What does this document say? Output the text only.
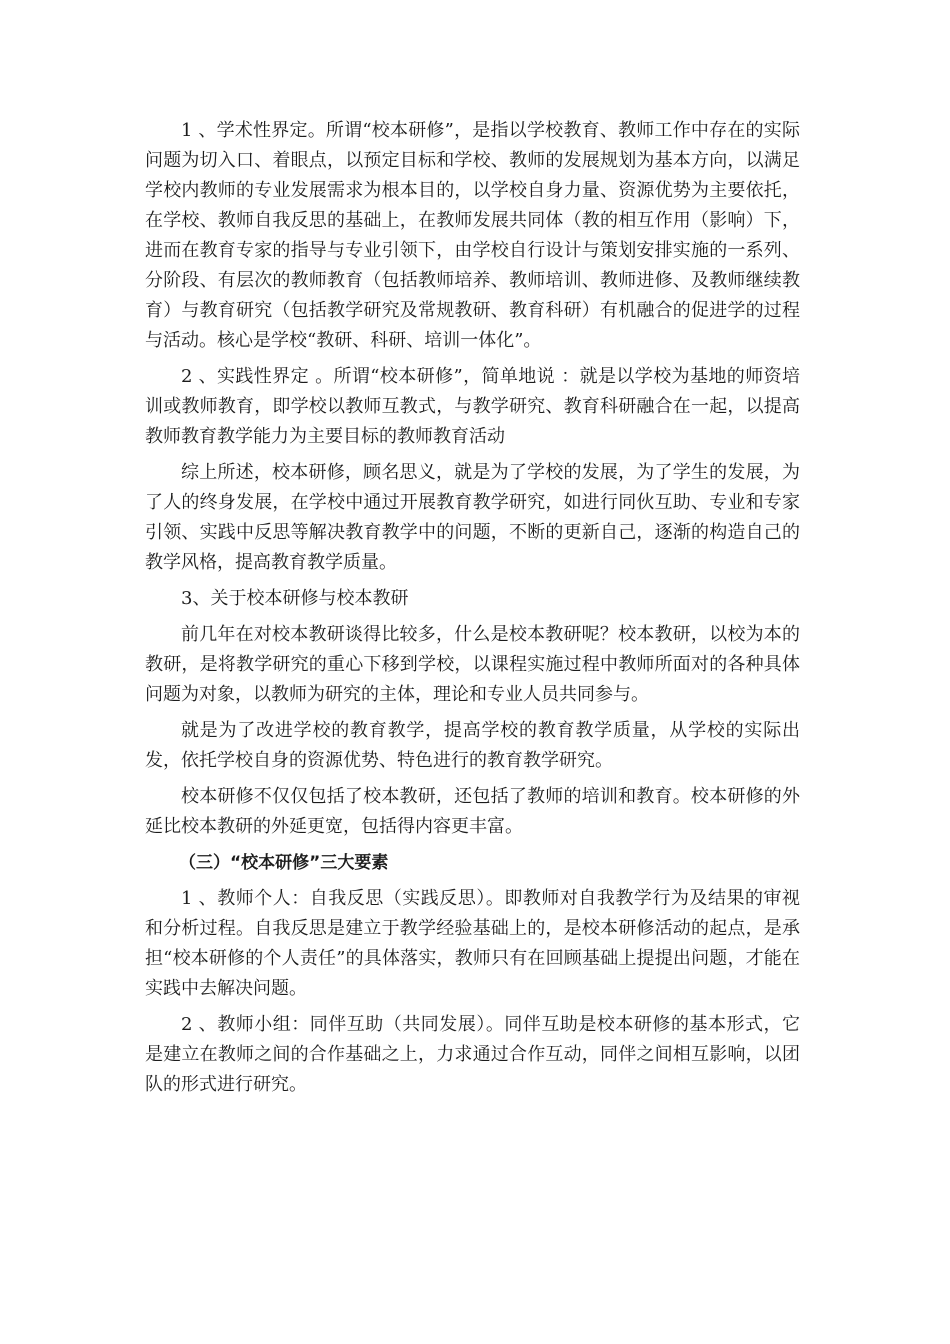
1 、学术性界定。所谓“校本研修”，是指以学校教育、教师工作中存在的实际问题为切入口、着眼点，以预定目标和学校、教师的发展规划为基本方向，以满足学校内教师的专业发展需求为根本目的，以学校自身力量、资源优势为主要依托，在学校、教师自我反思的基础上，在教师发展共同体（教的相互作用（影响）下，进而在教育专家的指导与专业引领下，由学校自行设计与策划安排实施的一系列、分阶段、有层次的教师教育（包括教师培养、教师培训、教师进修、及教师继续教育）与教育研究（包括教学研究及常规教研、教育科研）有机融合的促进学的过程与活动。核心是学校“教研、科研、培训一体化”。

2 、实践性界定 。所谓“校本研修”，简单地说 ：就是以学校为基地的师资培训或教师教育，即学校以教师互教式，与教学研究、教育科研融合在一起，以提高教师教育教学能力为主要目标的教师教育活动

综上所述，校本研修，顾名思义，就是为了学校的发展，为了学生的发展，为了人的终身发展，在学校中通过开展教育教学研究，如进行同伙互助、专业和专家引领、实践中反思等解决教育教学中的问题，不断的更新自己，逐渐的构造自己的教学风格，提高教育教学质量。

3、关于校本研修与校本教研

前几年在对校本教研谈得比较多，什么是校本教研呢？校本教研，以校为本的教研，是将教学研究的重心下移到学校，以课程实施过程中教师所面对的各种具体问题为对象，以教师为研究的主体，理论和专业人员共同参与。

就是为了改进学校的教育教学，提高学校的教育教学质量，从学校的实际出发，依托学校自身的资源优势、特色进行的教育教学研究。

校本研修不仅仅包括了校本教研，还包括了教师的培训和教育。校本研修的外延比校本教研的外延更宽，包括得内容更丰富。

（三）“校本研修”三大要素

1 、教师个人：自我反思（实践反思）。即教师对自我教学行为及结果的审视和分析过程。自我反思是建立于教学经验基础上的，是校本研修活动的起点，是承担“校本研修的个人责任”的具体落实，教师只有在回顾基础上提提出问题，才能在实践中去解决问题。

2 、教师小组：同伴互助（共同发展）。同伴互助是校本研修的基本形式，它是建立在教师之间的合作基础之上，力求通过合作互动，同伴之间相互影响，以团队的形式进行研究。
